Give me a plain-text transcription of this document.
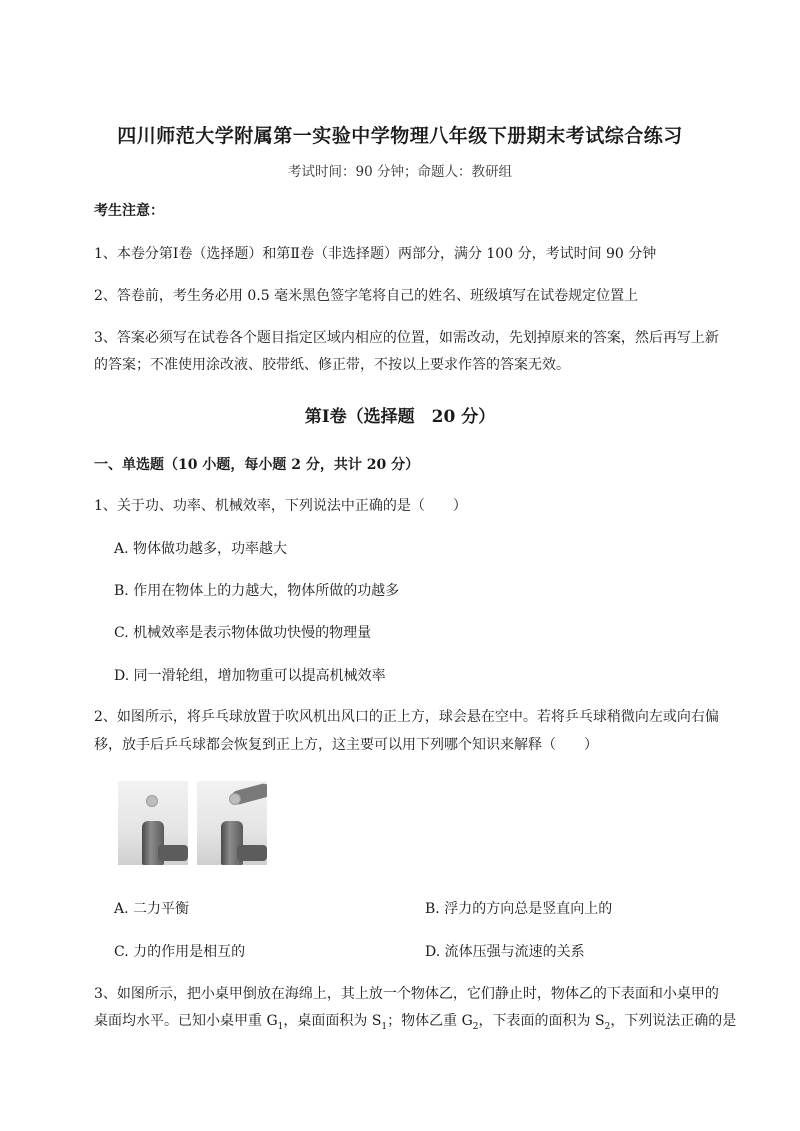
四川师范大学附属第一实验中学物理八年级下册期末考试综合练习
考试时间：90 分钟；命题人：教研组
考生注意：
1、本卷分第Ⅰ卷（选择题）和第Ⅱ卷（非选择题）两部分，满分 100 分，考试时间 90 分钟
2、答卷前，考生务必用 0.5 毫米黑色签字笔将自己的姓名、班级填写在试卷规定位置上
3、答案必须写在试卷各个题目指定区域内相应的位置，如需改动，先划掉原来的答案，然后再写上新
的答案；不准使用涂改液、胶带纸、修正带，不按以上要求作答的答案无效。
第Ⅰ卷（选择题　20 分）
一、单选题（10 小题，每小题 2 分，共计 20 分）
1、关于功、功率、机械效率，下列说法中正确的是（　　）
A. 物体做功越多，功率越大
B. 作用在物体上的力越大，物体所做的功越多
C. 机械效率是表示物体做功快慢的物理量
D. 同一滑轮组，增加物重可以提高机械效率
2、如图所示，将乒乓球放置于吹风机出风口的正上方，球会悬在空中。若将乒乓球稍微向左或向右偏
移，放手后乒乓球都会恢复到正上方，这主要可以用下列哪个知识来解释（　　）
A. 二力平衡	B. 浮力的方向总是竖直向上的
C. 力的作用是相互的	D. 流体压强与流速的关系
3、如图所示，把小桌甲倒放在海绵上，其上放一个物体乙，它们静止时，物体乙的下表面和小桌甲的
桌面均水平。已知小桌甲重 $G_1$，桌面面积为 $S_1$；物体乙重 $G_2$，下表面的面积为 $S_2$，下列说法正确的是
